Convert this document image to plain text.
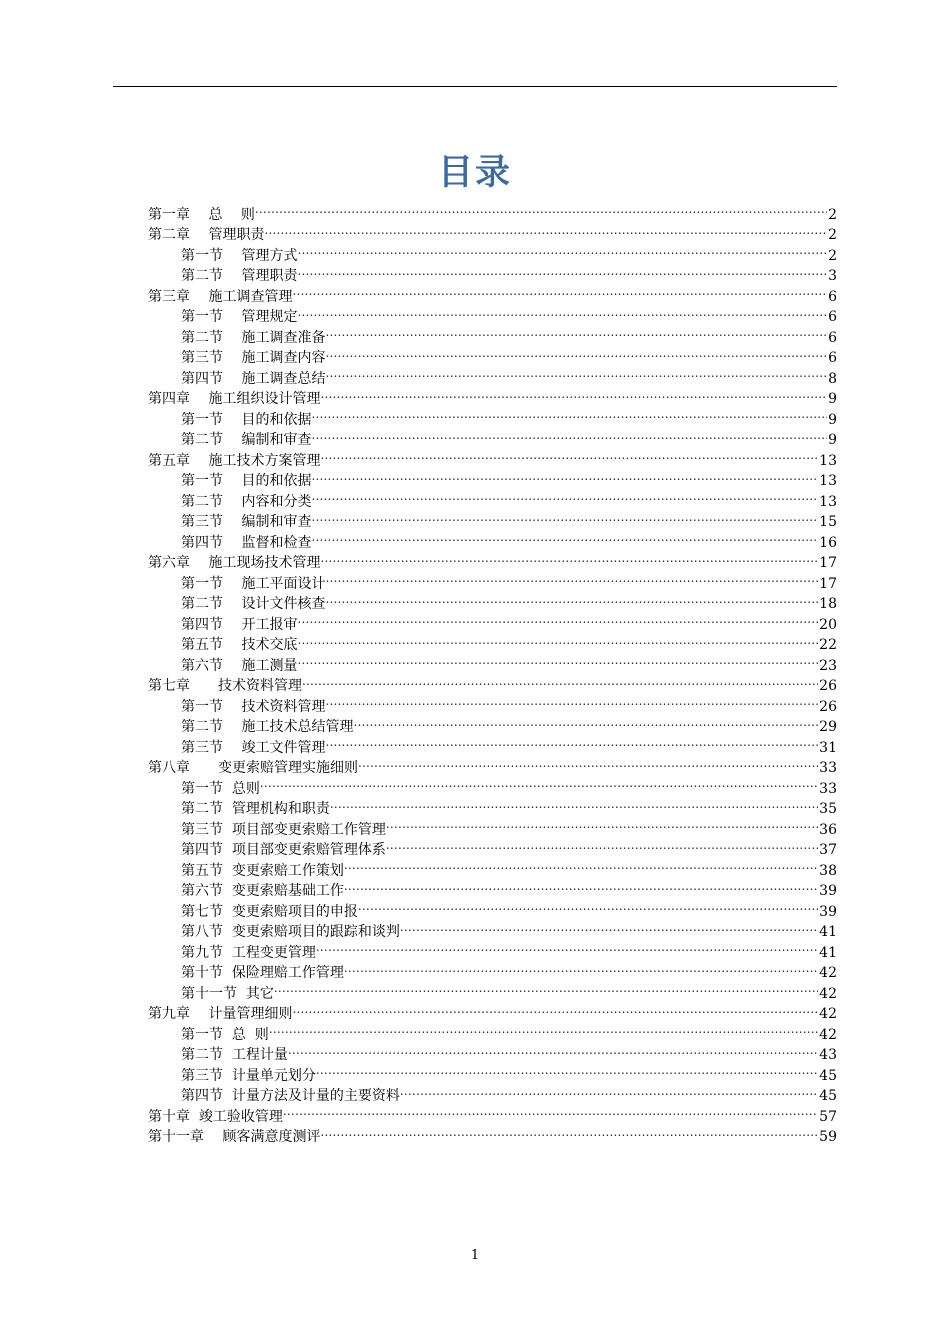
目录
第一章　 总　 则 .....	2
第二章　 管理职责 .....	2
第一节　 管理方式 .....	2
第二节　 管理职责 .....	3
第三章　 施工调查管理 .....	6
第一节　 管理规定 .....	6
第二节　 施工调查准备 .....	6
第三节　 施工调查内容 .....	6
第四节　 施工调查总结 .....	8
第四章　 施工组织设计管理 .....	9
第一节　 目的和依据 .....	9
第二节　 编制和审查 .....	9
第五章　 施工技术方案管理 .....	13
第一节　 目的和依据 .....	13
第二节　 内容和分类 .....	13
第三节　 编制和审查 .....	15
第四节　 监督和检查 .....	16
第六章　 施工现场技术管理 .....	17
第一节　 施工平面设计 .....	17
第二节　 设计文件核查 .....	18
第四节　 开工报审 .....	20
第五节　 技术交底 .....	22
第六节　 施工测量 .....	23
第七章　　技术资料管理 .....	26
第一节　 技术资料管理 .....	26
第二节　 施工技术总结管理 .....	29
第三节　 竣工文件管理 .....	31
第八章　　变更索赔管理实施细则 .....	33
第一节  总则 .....	33
第二节  管理机构和职责 .....	35
第三节  项目部变更索赔工作管理 .....	36
第四节  项目部变更索赔管理体系 .....	37
第五节  变更索赔工作策划 .....	38
第六节  变更索赔基础工作 .....	39
第七节  变更索赔项目的申报 .....	39
第八节  变更索赔项目的跟踪和谈判 .....	41
第九节  工程变更管理 .....	41
第十节  保险理赔工作管理 .....	42
第十一节  其它 .....	42
第九章　 计量管理细则 .....	42
第一节  总  则 .....	42
第二节  工程计量 .....	43
第三节  计量单元划分 .....	45
第四节  计量方法及计量的主要资料 .....	45
第十章  竣工验收管理 .....	57
第十一章　 顾客满意度测评 .....	59
1
